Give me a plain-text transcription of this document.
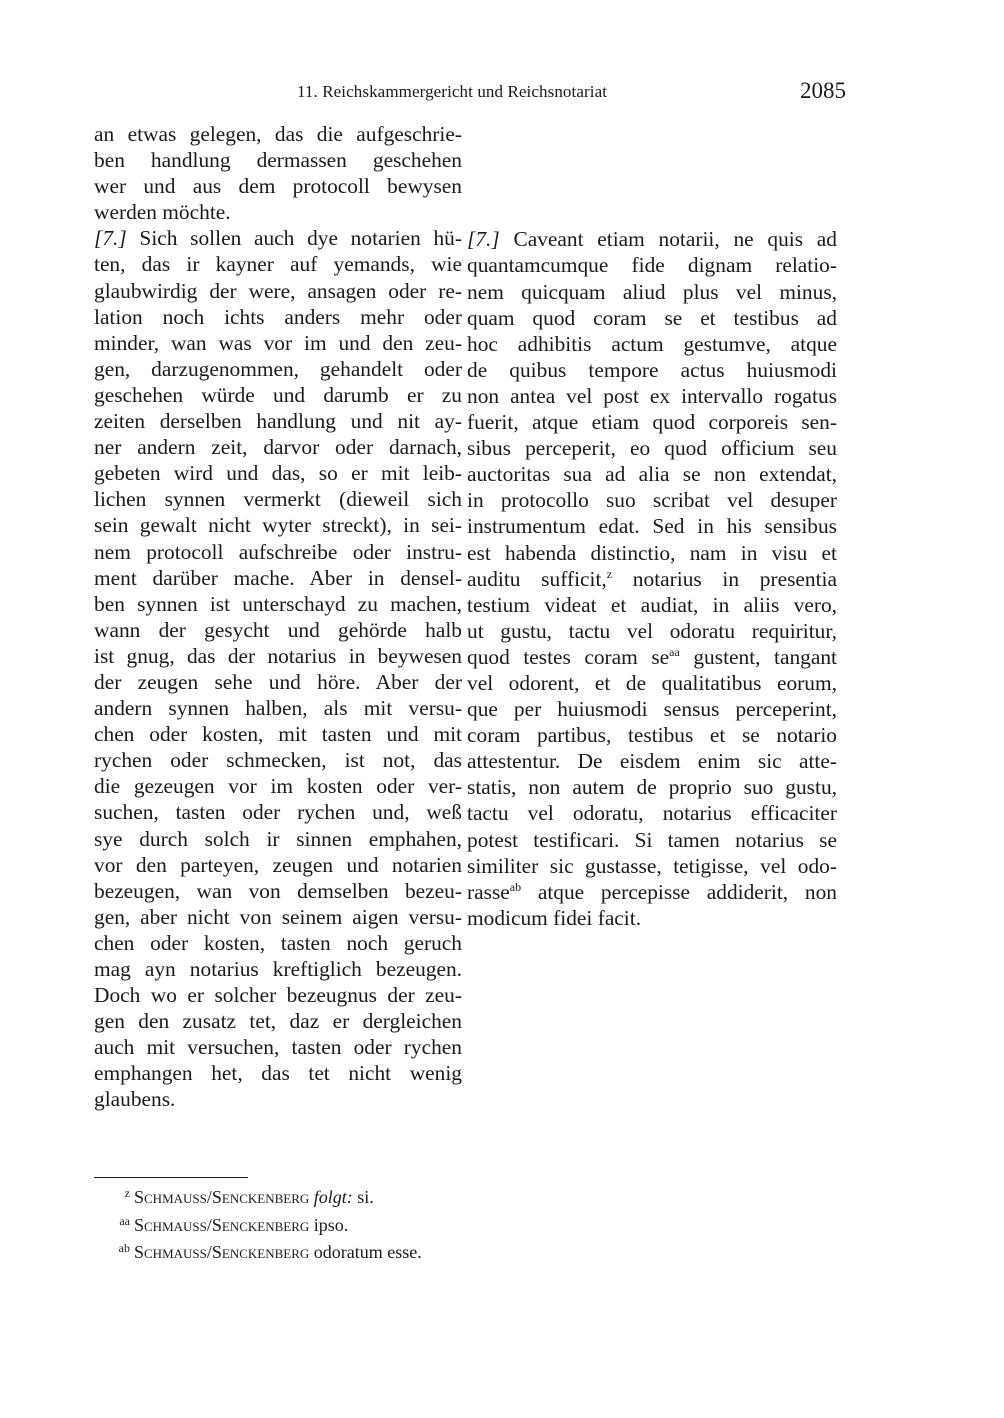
11. Reichskammergericht und Reichsnotariat	2085
an etwas gelegen, das die aufgeschrie-
ben handlung dermassen geschehen
wer und aus dem protocoll bewysen
werden möchte.
[7.] Sich sollen auch dye notarien hü-
ten, das ir kayner auf yemands, wie
glaubwirdig der were, ansagen oder re-
lation noch ichts anders mehr oder
minder, wan was vor im und den zeu-
gen, darzugenommen, gehandelt oder
geschehen würde und darumb er zu
zeiten derselben handlung und nit ay-
ner andern zeit, darvor oder darnach,
gebeten wird und das, so er mit leib-
lichen synnen vermerkt (dieweil sich
sein gewalt nicht wyter streckt), in sei-
nem protocoll aufschreibe oder instru-
ment darüber mache. Aber in densel-
ben synnen ist unterschayd zu machen,
wann der gesycht und gehörde halb
ist gnug, das der notarius in beywesen
der zeugen sehe und höre. Aber der
andern synnen halben, als mit versu-
chen oder kosten, mit tasten und mit
rychen oder schmecken, ist not, das
die gezeugen vor im kosten oder ver-
suchen, tasten oder rychen und, weß
sye durch solch ir sinnen emphahen,
vor den parteyen, zeugen und notarien
bezeugen, wan von demselben bezeu-
gen, aber nicht von seinem aigen versu-
chen oder kosten, tasten noch geruch
mag ayn notarius kreftiglich bezeugen.
Doch wo er solcher bezeugnus der zeu-
gen den zusatz tet, daz er dergleichen
auch mit versuchen, tasten oder rychen
emphangen het, das tet nicht wenig
glaubens.
[7.] Caveant etiam notarii, ne quis ad
quantamcumque fide dignam relatio-
nem quicquam aliud plus vel minus,
quam quod coram se et testibus ad
hoc adhibitis actum gestumve, atque
de quibus tempore actus huiusmodi
non antea vel post ex intervallo rogatus
fuerit, atque etiam quod corporeis sen-
sibus perceperit, eo quod officium seu
auctoritas sua ad alia se non extendat,
in protocollo suo scribat vel desuper
instrumentum edat. Sed in his sensibus
est habenda distinctio, nam in visu et
auditu sufficit,$^z$ notarius in presentia
testium videat et audiat, in aliis vero,
ut gustu, tactu vel odoratu requiritur,
quod testes coram $se^{aa}$ gustent, tangant
vel odorent, et de qualitatibus eorum,
que per huiusmodi sensus perceperint,
coram partibus, testibus et se notario
attestentur. De eisdem enim sic atte-
statis, non autem de proprio suo gustu,
tactu vel odoratu, notarius efficaciter
potest testificari. Si tamen notarius se
similiter sic gustasse, tetigisse, vel odo-
rasse$^{ab}$ atque percepisse addiderit, non
modicum fidei facit.
z Schmauss/Senckenberg folgt: si.
aa Schmauss/Senckenberg ipso.
ab Schmauss/Senckenberg odoratum esse.
